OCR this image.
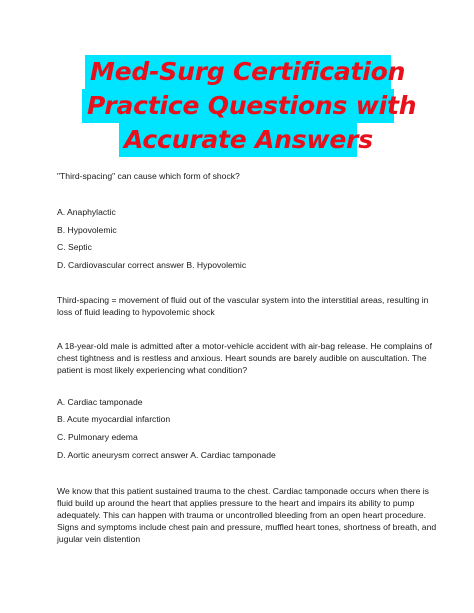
Med-Surg Certification
Practice Questions with
Accurate Answers

"Third-spacing" can cause which form of shock?

A. Anaphylactic

B. Hypovolemic

C. Septic

D. Cardiovascular correct answer B. Hypovolemic

Third-spacing = movement of fluid out of the vascular system into the interstitial areas, resulting in loss of fluid leading to hypovolemic shock

A 18-year-old male is admitted after a motor-vehicle accident with air-bag release. He complains of chest tightness and is restless and anxious. Heart sounds are barely audible on auscultation. The patient is most likely experiencing what condition?

A. Cardiac tamponade

B. Acute myocardial infarction

C. Pulmonary edema

D. Aortic aneurysm correct answer A. Cardiac tamponade

We know that this patient sustained trauma to the chest. Cardiac tamponade occurs when there is fluid build up around the heart that applies pressure to the heart and impairs its ability to pump adequately. This can happen with trauma or uncontrolled bleeding from an open heart procedure. Signs and symptoms include chest pain and pressure, muffled heart tones, shortness of breath, and jugular vein distention
